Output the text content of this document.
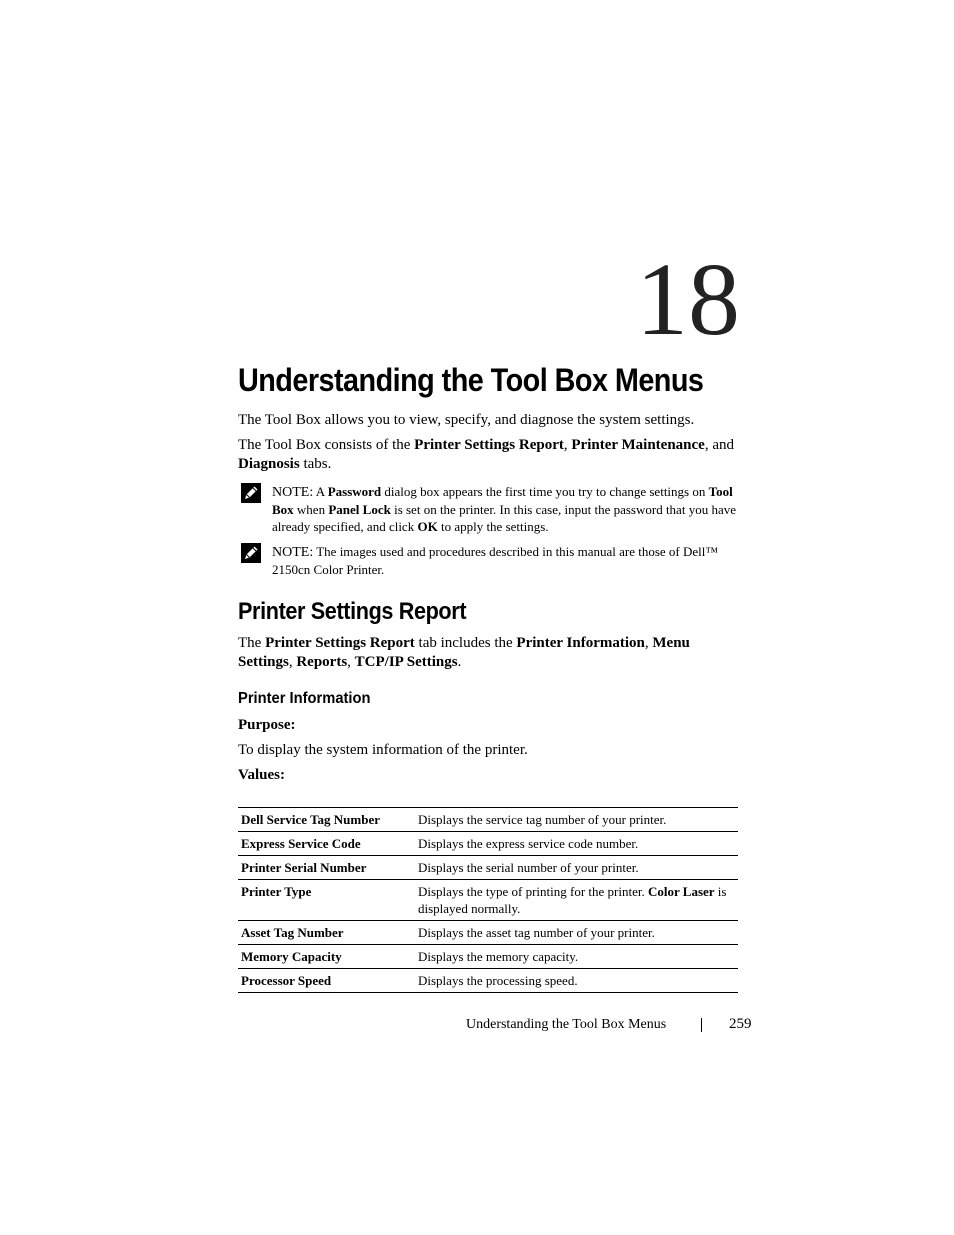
18
Understanding the Tool Box Menus

The Tool Box allows you to view, specify, and diagnose the system settings.

The Tool Box consists of the Printer Settings Report, Printer Maintenance, and Diagnosis tabs.

NOTE: A Password dialog box appears the first time you try to change settings on Tool Box when Panel Lock is set on the printer. In this case, input the password that you have already specified, and click OK to apply the settings.

NOTE: The images used and procedures described in this manual are those of Dell™ 2150cn Color Printer.

Printer Settings Report

The Printer Settings Report tab includes the Printer Information, Menu Settings, Reports, TCP/IP Settings.

Printer Information

Purpose:

To display the system information of the printer.

Values:

Dell Service Tag Number	Displays the service tag number of your printer.
Express Service Code	Displays the express service code number.
Printer Serial Number	Displays the serial number of your printer.
Printer Type	Displays the type of printing for the printer. Color Laser is displayed normally.
Asset Tag Number	Displays the asset tag number of your printer.
Memory Capacity	Displays the memory capacity.
Processor Speed	Displays the processing speed.
Understanding the Tool Box Menus	259
